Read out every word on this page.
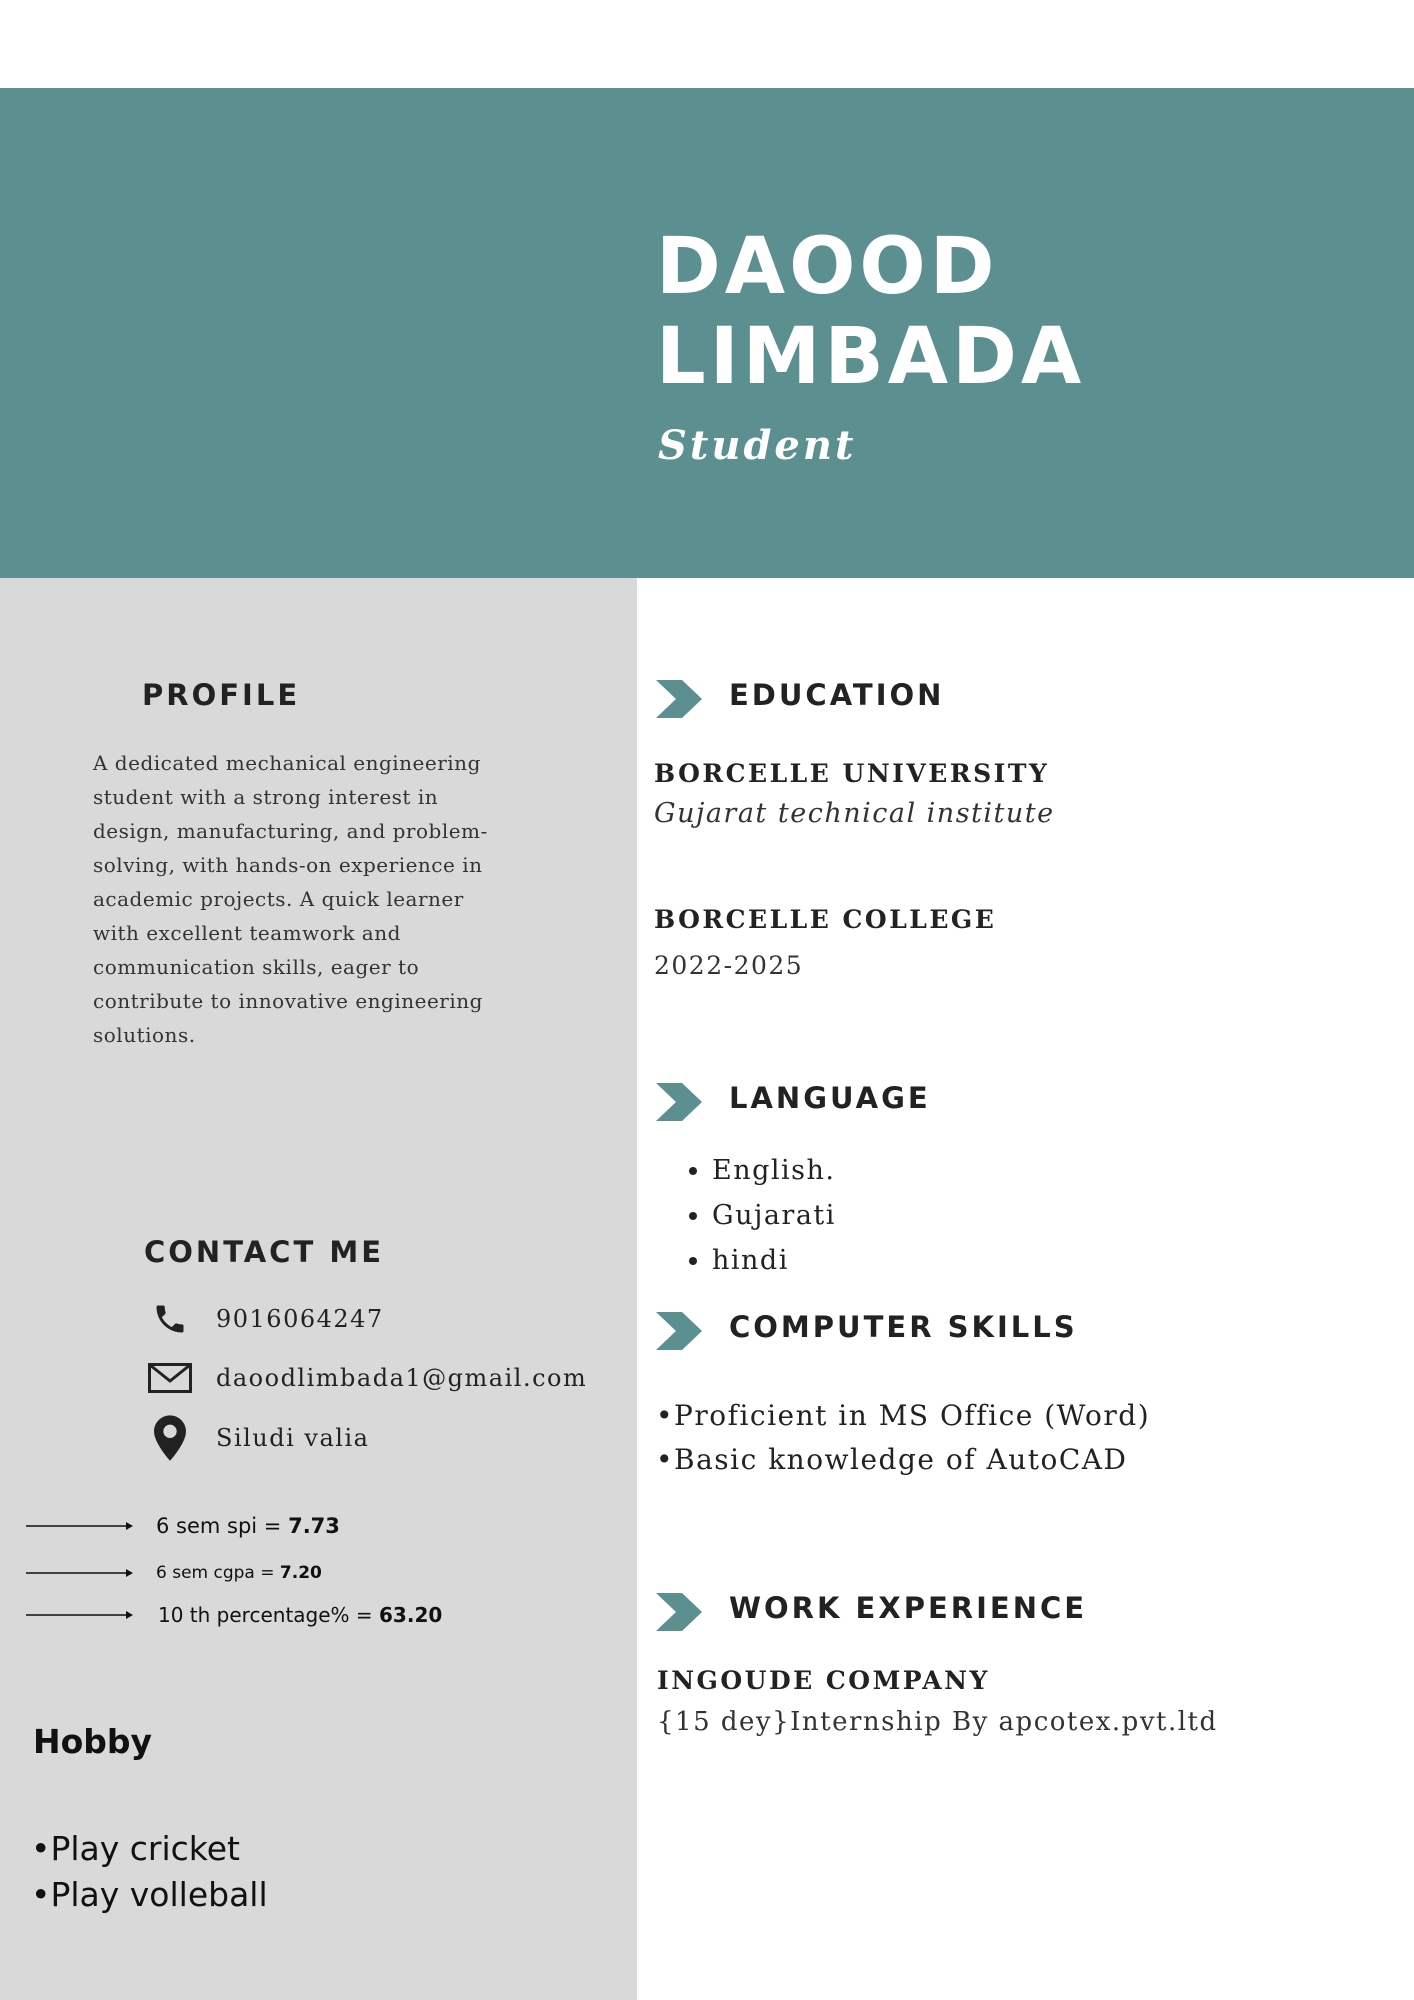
DAOOD
LIMBADA
Student
PROFILE
A dedicated mechanical engineering student with a strong interest in design, manufacturing, and problem-solving, with hands-on experience in academic projects. A quick learner with excellent teamwork and communication skills, eager to contribute to innovative engineering solutions.
CONTACT ME
9016064247
daoodlimbada1@gmail.com
Siludi valia
6 sem spi = 7.73
6 sem cgpa = 7.20
10 th percentage% = 63.20
Hobby
•Play cricket
•Play volleball
EDUCATION
BORCELLE UNIVERSITY
Gujarat technical institute
BORCELLE COLLEGE
2022-2025
LANGUAGE
• English.
• Gujarati
• hindi
COMPUTER SKILLS
•Proficient in MS Office (Word)
•Basic knowledge of AutoCAD
WORK EXPERIENCE
INGOUDE COMPANY
{15 dey}Internship By apcotex.pvt.ltd
